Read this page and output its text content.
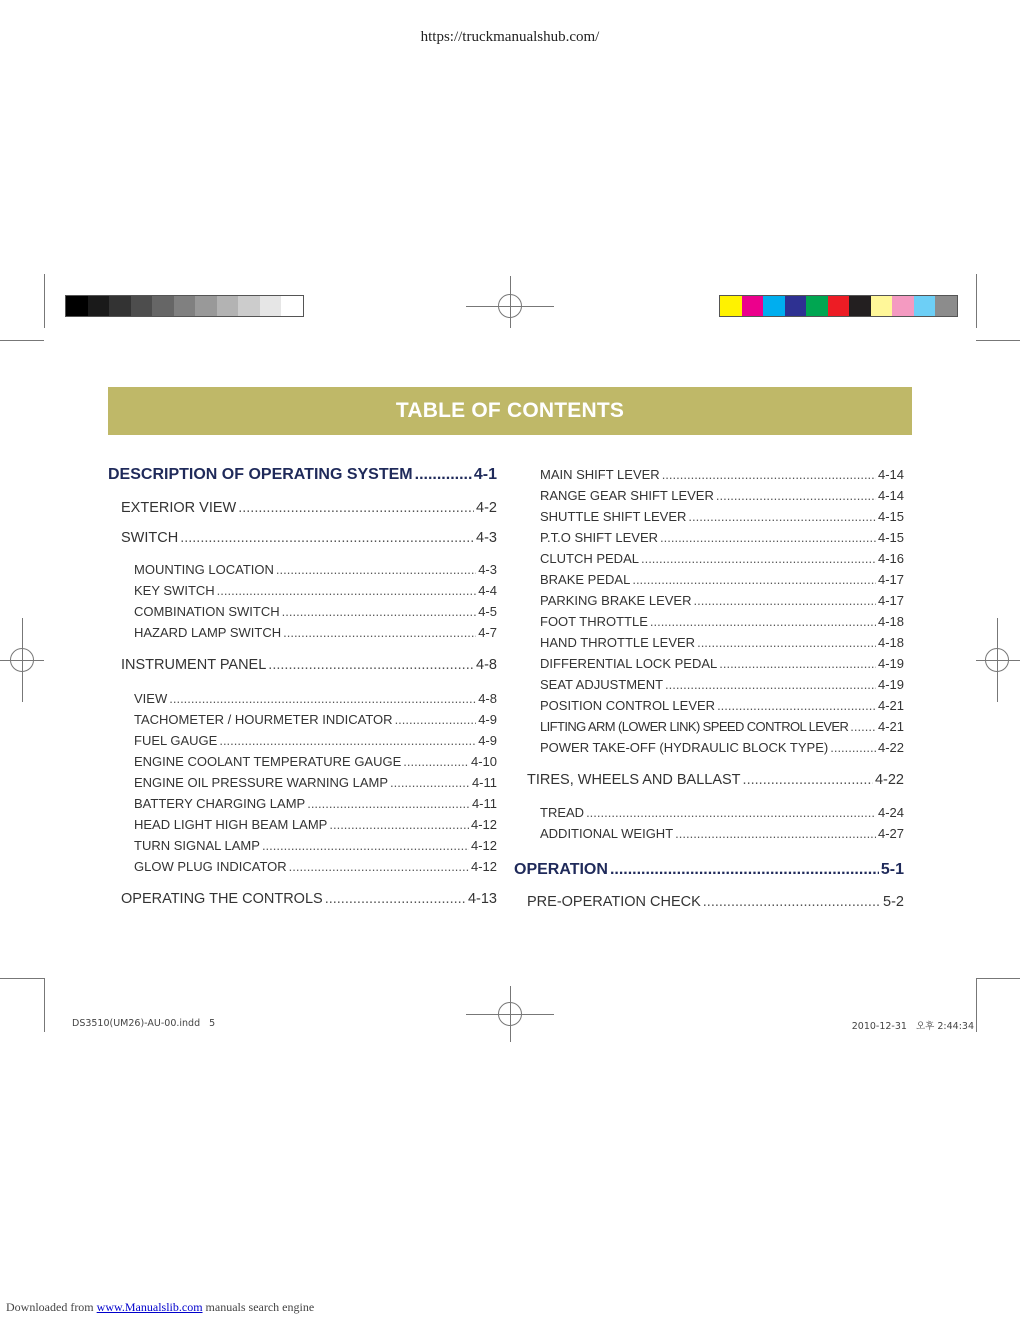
https://truckmanualshub.com/
TABLE OF CONTENTS
DESCRIPTION OF OPERATING SYSTEM .....	4-1
EXTERIOR VIEW .....	4-2
SWITCH .....	4-3
MOUNTING LOCATION .....	4-3
KEY SWITCH .....	4-4
COMBINATION SWITCH .....	4-5
HAZARD LAMP SWITCH .....	4-7
INSTRUMENT PANEL .....	4-8
VIEW .....	4-8
TACHOMETER / HOURMETER INDICATOR .....	4-9
FUEL GAUGE .....	4-9
ENGINE COOLANT TEMPERATURE GAUGE .....	4-10
ENGINE OIL PRESSURE WARNING LAMP .....	4-11
BATTERY CHARGING LAMP .....	4-11
HEAD LIGHT HIGH BEAM LAMP .....	4-12
TURN SIGNAL LAMP .....	4-12
GLOW PLUG INDICATOR .....	4-12
OPERATING THE CONTROLS .....	4-13
MAIN SHIFT LEVER .....	4-14
RANGE GEAR SHIFT LEVER .....	4-14
SHUTTLE SHIFT LEVER .....	4-15
P.T.O SHIFT LEVER .....	4-15
CLUTCH PEDAL .....	4-16
BRAKE PEDAL .....	4-17
PARKING BRAKE LEVER .....	4-17
FOOT THROTTLE .....	4-18
HAND THROTTLE LEVER .....	4-18
DIFFERENTIAL LOCK PEDAL .....	4-19
SEAT ADJUSTMENT .....	4-19
POSITION CONTROL LEVER .....	4-21
LIFTING ARM (LOWER LINK) SPEED CONTROL LEVER ..... 4-21
POWER TAKE-OFF (HYDRAULIC BLOCK TYPE) .....	4-22
TIRES, WHEELS AND BALLAST .....	4-22
TREAD .....	4-24
ADDITIONAL WEIGHT .....	4-27
OPERATION .....	5-1
PRE-OPERATION CHECK .....	5-2
DS3510(UM26)-AU-00.indd   5	2010-12-31   오후 2:44:34
Downloaded from www.Manualslib.com manuals search engine
